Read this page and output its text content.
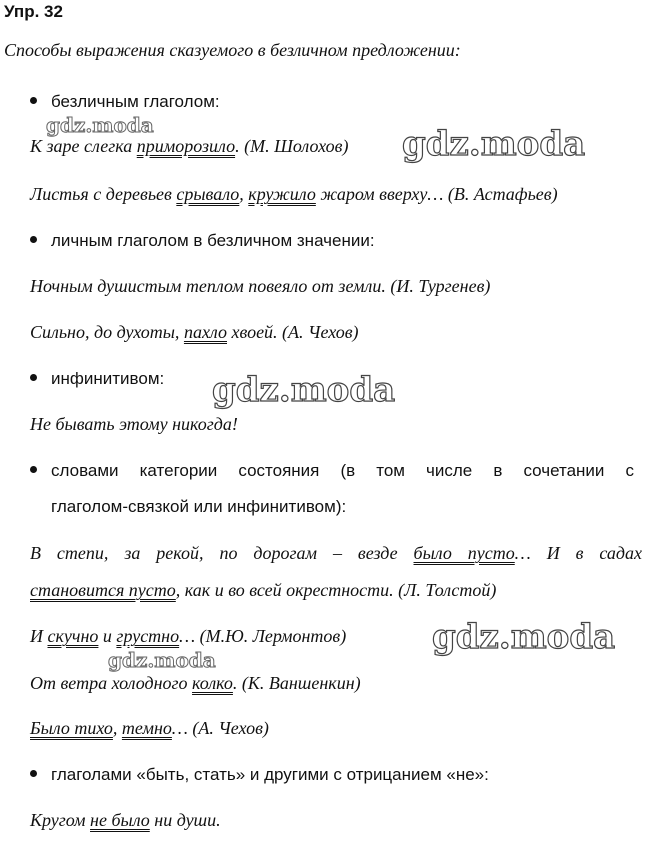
Упр. 32
Способы выражения сказуемого в безличном предложении:
безличным глаголом:
К заре слегка приморозило. (М. Шолохов)
Листья с деревьев срывало, кружило жаром вверху… (В. Астафьев)
личным глаголом в безличном значении:
Ночным душистым теплом повеяло от земли. (И. Тургенев)
Сильно, до духоты, пахло хвоей. (А. Чехов)
инфинитивом:
Не бывать этому никогда!
словами категории состояния (в том числе в сочетании с
глаголом-связкой или инфинитивом):
В степи, за рекой, по дорогам – везде было пусто… И в садах
становится пусто, как и во всей окрестности. (Л. Толстой)
И скучно и грустно… (М.Ю. Лермонтов)
От ветра холодного колко. (К. Ваншенкин)
Было тихо, темно… (А. Чехов)
глаголами «быть, стать» и другими с отрицанием «не»:
Кругом не было ни души.
gdz.moda	gdz.moda
gdz.moda
gdz.moda
gdz.moda
